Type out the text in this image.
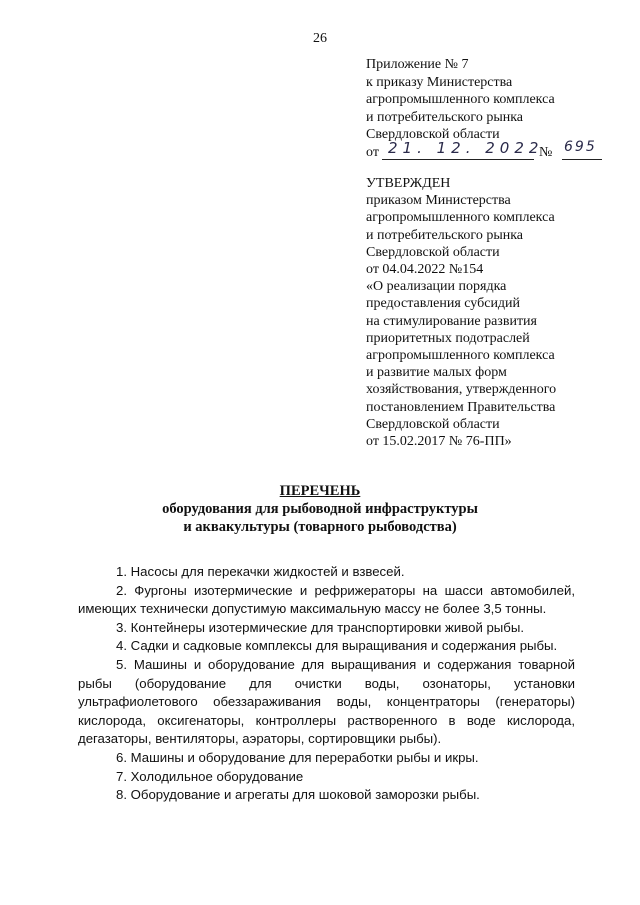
26
Приложение № 7
к приказу Министерства
агропромышленного комплекса
и потребительского рынка
Свердловской области
от 21. 12. 2022
№ 695
УТВЕРЖДЕН
приказом Министерства
агропромышленного комплекса
и потребительского рынка
Свердловской области
от 04.04.2022 №154
«О реализации порядка
предоставления субсидий
на стимулирование развития
приоритетных подотраслей
агропромышленного комплекса
и развитие малых форм
хозяйствования, утвержденного
постановлением Правительства
Свердловской области
от 15.02.2017 № 76-ПП»
ПЕРЕЧЕНЬ
оборудования для рыбоводной инфраструктуры
и аквакультуры (товарного рыбоводства)
1. Насосы для перекачки жидкостей и взвесей.
2. Фургоны изотермические и рефрижераторы на шасси автомобилей, имеющих технически допустимую максимальную массу не более 3,5 тонны.
3. Контейнеры изотермические для транспортировки живой рыбы.
4. Садки и садковые комплексы для выращивания и содержания рыбы.
5. Машины и оборудование для выращивания и содержания товарной рыбы (оборудование для очистки воды, озонаторы, установки ультрафиолетового обеззараживания воды, концентраторы (генераторы) кислорода, оксигенаторы, контроллеры растворенного в воде кислорода, дегазаторы, вентиляторы, аэраторы, сортировщики рыбы).
6. Машины и оборудование для переработки рыбы и икры.
7. Холодильное оборудование
8. Оборудование и агрегаты для шоковой заморозки рыбы.
